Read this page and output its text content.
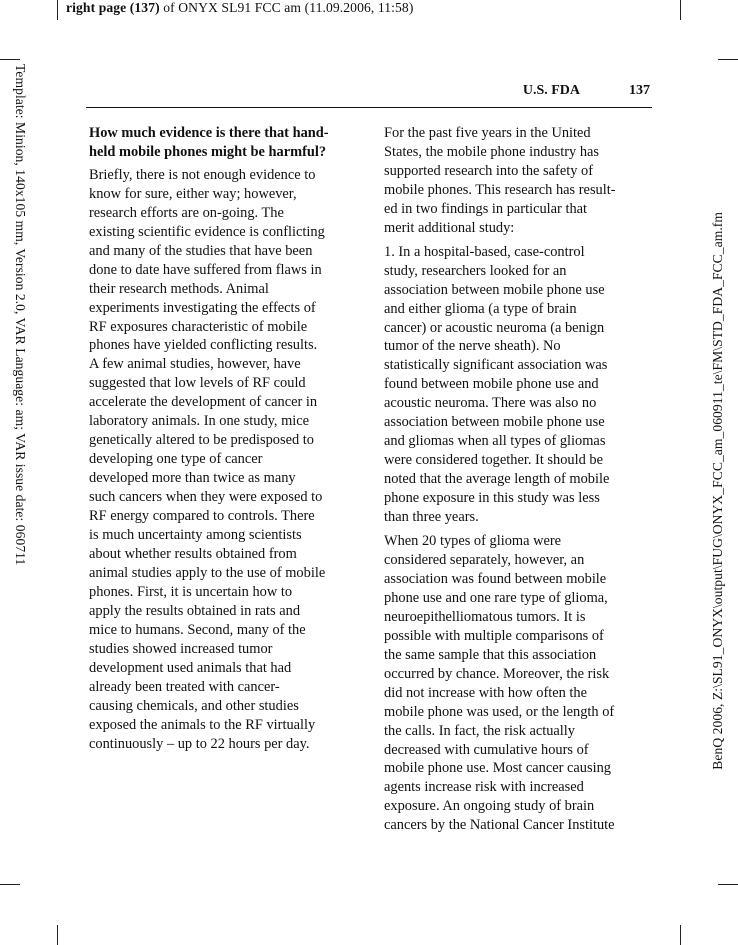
right page (137) of ONYX SL91 FCC am (11.09.2006, 11:58)
Template: Minion, 140x105 mm, Version 2.0, VAR Language: am; VAR issue date: 060711	BenQ 2006, Z:\SL91_ONYX\output\FUG\ONYX_FCC_am_060911_te\FM\STD_FDA_FCC_am.fm
U.S. FDA	137
How much evidence is there that hand-
held mobile phones might be harmful?

Briefly, there is not enough evidence to
know for sure, either way; however,
research efforts are on-going. The
existing scientific evidence is conflicting
and many of the studies that have been
done to date have suffered from flaws in
their research methods. Animal
experiments investigating the effects of
RF exposures characteristic of mobile
phones have yielded conflicting results.
A few animal studies, however, have
suggested that low levels of RF could
accelerate the development of cancer in
laboratory animals. In one study, mice
genetically altered to be predisposed to
developing one type of cancer
developed more than twice as many
such cancers when they were exposed to
RF energy compared to controls. There
is much uncertainty among scientists
about whether results obtained from
animal studies apply to the use of mobile
phones. First, it is uncertain how to
apply the results obtained in rats and
mice to humans. Second, many of the
studies showed increased tumor
development used animals that had
already been treated with cancer-
causing chemicals, and other studies
exposed the animals to the RF virtually
continuously – up to 22 hours per day.

For the past five years in the United
States, the mobile phone industry has
supported research into the safety of
mobile phones. This research has result-
ed in two findings in particular that
merit additional study:

1. In a hospital-based, case-control
study, researchers looked for an
association between mobile phone use
and either glioma (a type of brain
cancer) or acoustic neuroma (a benign
tumor of the nerve sheath). No
statistically significant association was
found between mobile phone use and
acoustic neuroma. There was also no
association between mobile phone use
and gliomas when all types of gliomas
were considered together. It should be
noted that the average length of mobile
phone exposure in this study was less
than three years.

When 20 types of glioma were
considered separately, however, an
association was found between mobile
phone use and one rare type of glioma,
neuroepithelliomatous tumors. It is
possible with multiple comparisons of
the same sample that this association
occurred by chance. Moreover, the risk
did not increase with how often the
mobile phone was used, or the length of
the calls. In fact, the risk actually
decreased with cumulative hours of
mobile phone use. Most cancer causing
agents increase risk with increased
exposure. An ongoing study of brain
cancers by the National Cancer Institute
